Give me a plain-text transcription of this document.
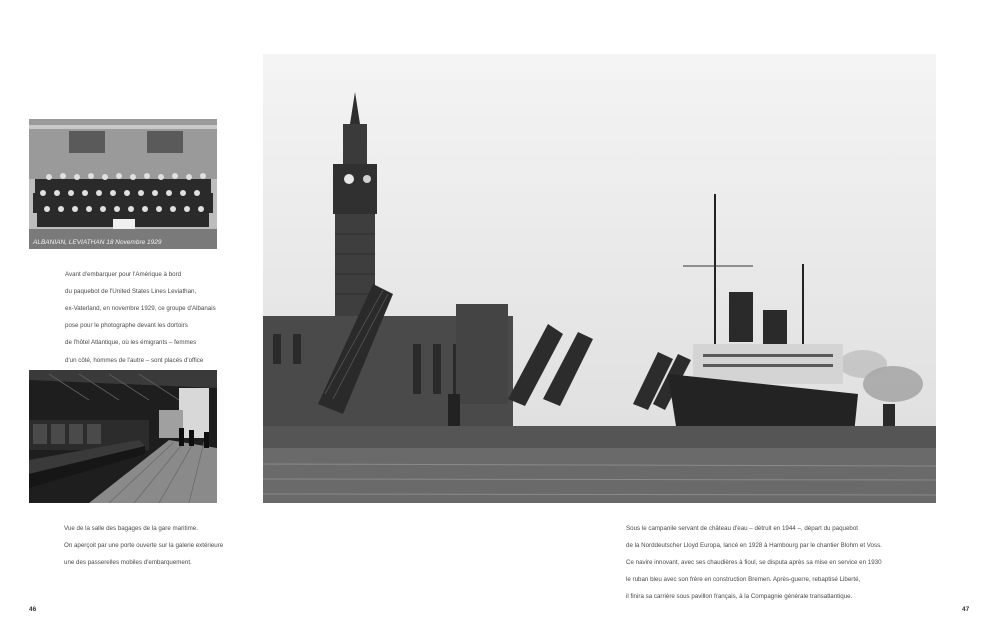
ALBANIAN, LEVIATHAN 18 Novembre 1929

Avant d'embarquer pour l'Amérique à bord

du paquebot de l'United States Lines Leviathan,

ex-Vaterland, en novembre 1929, ce groupe d'Albanais

pose pour le photographe devant les dortoirs

de l'hôtel Atlantique, où les émigrants – femmes

d'un côté, hommes de l'autre – sont placés d'office

Vue de la salle des bagages de la gare maritime.

On aperçoit par une porte ouverte sur la galerie extérieure

une des passerelles mobiles d'embarquement.

Sous le campanile servant de château d'eau – détruit en 1944 –, départ du paquebot

de la Norddeutscher Lloyd Europa, lancé en 1928 à Hambourg par le chantier Blohm et Voss.

Ce navire innovant, avec ses chaudières à fioul, se disputa après sa mise en service en 1930

le ruban bleu avec son frère en construction Bremen. Après-guerre, rebaptisé Liberté,

il finira sa carrière sous pavillon français, à la Compagnie générale transatlantique.

46	47
